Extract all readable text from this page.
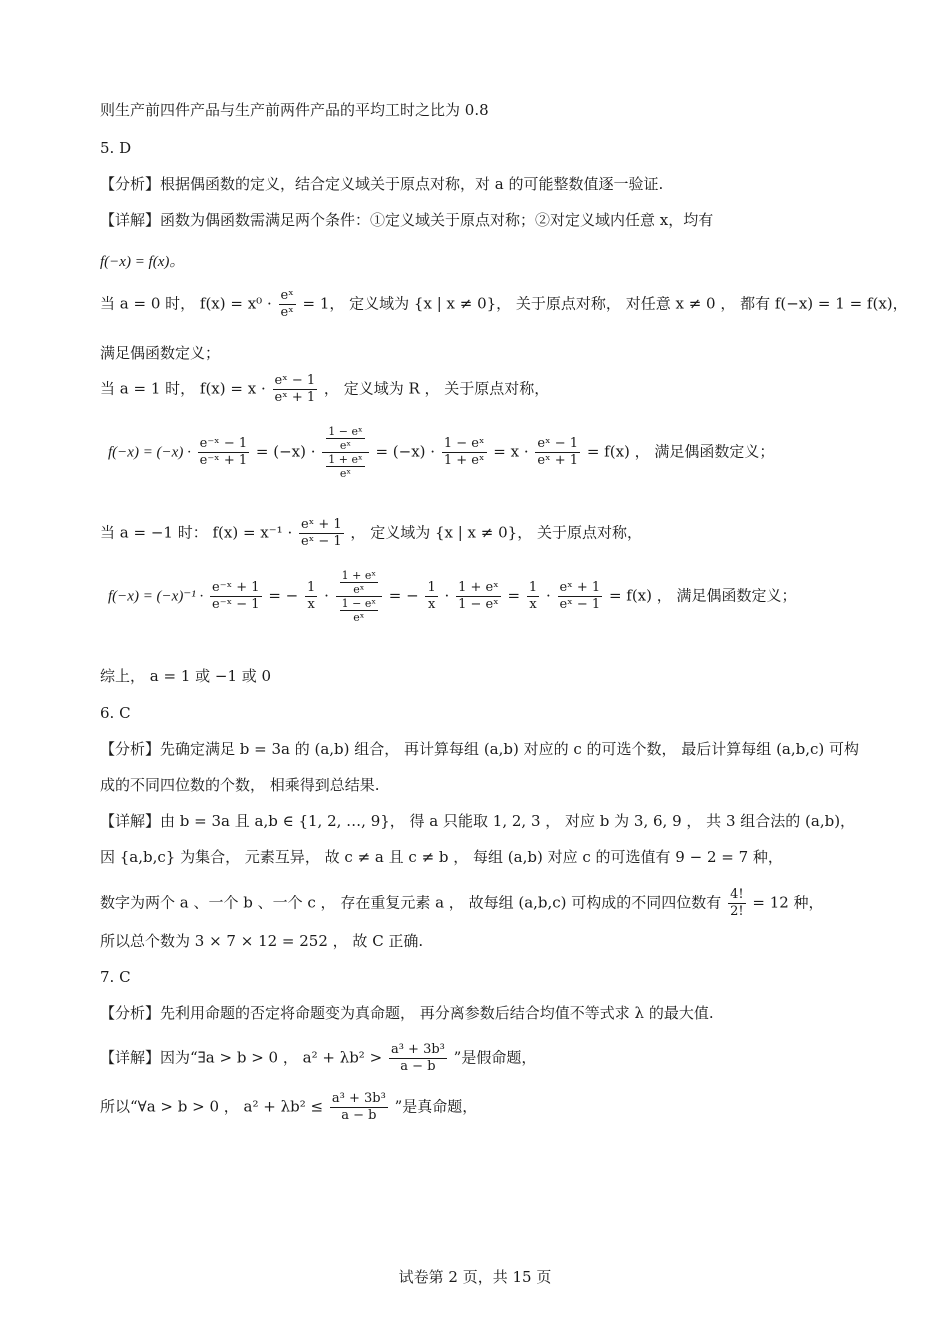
则生产前四件产品与生产前两件产品的平均工时之比为 0.8
5. D
【分析】根据偶函数的定义，结合定义域关于原点对称，对 a 的可能整数值逐一验证.
【详解】函数为偶函数需满足两个条件：①定义域关于原点对称；②对定义域内任意 x，均有
f(−x) = f(x)。
当 a = 0 时， $f(x) = x^0 \cdot \frac{\text{eˣ}}{\text{eˣ}} = 1$， 定义域为 {x | x ≠ 0}， 关于原点对称， 对任意 x ≠ 0 ， 都有 f(−x) = 1 = f(x)，
满足偶函数定义；
当 a = 1 时， $f(x) = x \cdot \frac{\text{eˣ − 1}}{\text{eˣ + 1}}$ ， 定义域为 R ， 关于原点对称，
$f(-x) = (-x) \cdot \frac{\text{e⁻ˣ − 1}}{\text{e⁻ˣ + 1}} = (-x) \cdot \frac{\frac{\text{1 − eˣ}}{\text{eˣ}}}{\frac{\text{1 + eˣ}}{\text{eˣ}}} = (-x) \cdot \frac{\text{1 − eˣ}}{\text{1 + eˣ}} = x \cdot \frac{\text{eˣ − 1}}{\text{eˣ + 1}} = f(x)$ ， 满足偶函数定义；
当 a = −1 时： $f(x) = x^{-1} \cdot \frac{\text{eˣ + 1}}{\text{eˣ − 1}}$ ， 定义域为 {x | x ≠ 0}， 关于原点对称，
$f(-x) = (-x)^{-1} \cdot \frac{\text{e⁻ˣ + 1}}{\text{e⁻ˣ − 1}}$ = − $\frac{1}{x} \cdot \frac{\frac{\text{1 + eˣ}}{\text{eˣ}}}{\frac{\text{1 − eˣ}}{\text{eˣ}}}$ = − $\frac{1}{x} \cdot \frac{\text{1 + eˣ}}{\text{1 − eˣ}} = \frac{1}{x} \cdot \frac{\text{eˣ + 1}}{\text{eˣ − 1}} = f(x)$ ， 满足偶函数定义；
综上， a = 1 或 −1 或 0
6. C
【分析】先确定满足 b = 3a 的 (a,b) 组合， 再计算每组 (a,b) 对应的 c 的可选个数， 最后计算每组 (a,b,c) 可构
成的不同四位数的个数， 相乘得到总结果.
【详解】由 b = 3a 且 a,b ∈ {1, 2, …, 9}， 得 a 只能取 1, 2, 3 ， 对应 b 为 3, 6, 9 ， 共 3 组合法的 (a,b)，
因 {a,b,c} 为集合， 元素互异， 故 c ≠ a 且 c ≠ b ， 每组 (a,b) 对应 c 的可选值有 9 − 2 = 7 种，
数字为两个 a 、一个 b 、一个 c ， 存在重复元素 a ， 故每组 (a,b,c) 可构成的不同四位数有 $\frac{4!}{2!} = 12$ 种，
所以总个数为 3 × 7 × 12 = 252 ， 故 C 正确.
7. C
【分析】先利用命题的否定将命题变为真命题， 再分离参数后结合均值不等式求 λ 的最大值.
【详解】因为“∃a > b > 0 ， $a^2 + \lambda b^2 > \frac{\text{a³ + 3b³}}{a - b}$ ”是假命题，
所以“∀a > b > 0 ， $a^2 + \lambda b^2 \le \frac{\text{a³ + 3b³}}{a - b}$ ”是真命题，
试卷第 2 页，共 15 页
